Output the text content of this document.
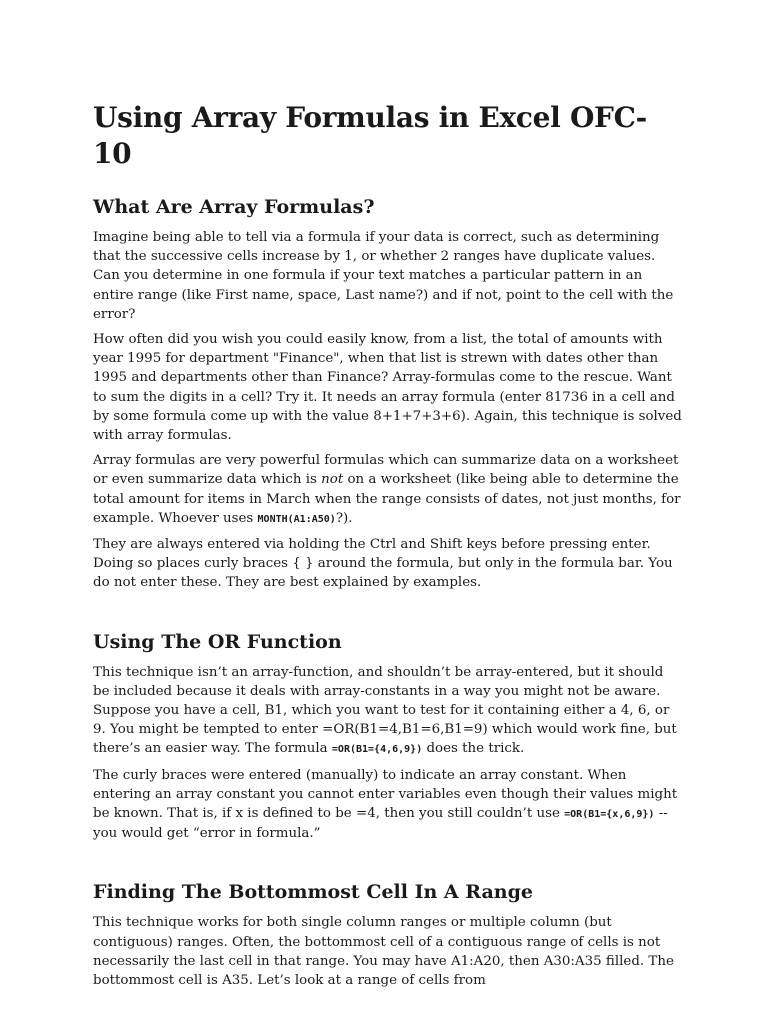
Using Array Formulas in Excel OFC-10
What Are Array Formulas?

Imagine being able to tell via a formula if your data is correct, such as determining that the successive cells increase by 1, or whether 2 ranges have duplicate values. Can you determine in one formula if your text matches a particular pattern in an entire range (like First name, space, Last name?) and if not, point to the cell with the error?

How often did you wish you could easily know, from a list, the total of amounts with year 1995 for department "Finance", when that list is strewn with dates other than 1995 and departments other than Finance? Array-formulas come to the rescue. Want to sum the digits in a cell? Try it. It needs an array formula (enter 81736 in a cell and by some formula come up with the value 8+1+7+3+6). Again, this technique is solved with array formulas.

Array formulas are very powerful formulas which can summarize data on a worksheet or even summarize data which is not on a worksheet (like being able to determine the total amount for items in March when the range consists of dates, not just months, for example. Whoever uses MONTH(A1:A50)?).

They are always entered via holding the Ctrl and Shift keys before pressing enter. Doing so places curly braces { } around the formula, but only in the formula bar. You do not enter these. They are best explained by examples.

Using The OR Function

This technique isn’t an array-function, and shouldn’t be array-entered, but it should be included because it deals with array-constants in a way you might not be aware. Suppose you have a cell, B1, which you want to test for it containing either a 4, 6, or 9. You might be tempted to enter =OR(B1=4,B1=6,B1=9) which would work fine, but there’s an easier way. The formula =OR(B1={4,6,9}) does the trick.

The curly braces were entered (manually) to indicate an array constant. When entering an array constant you cannot enter variables even though their values might be known. That is, if x is defined to be =4, then you still couldn’t use =OR(B1={x,6,9}) -- you would get “error in formula.”

Finding The Bottommost Cell In A Range

This technique works for both single column ranges or multiple column (but contiguous) ranges. Often, the bottommost cell of a contiguous range of cells is not necessarily the last cell in that range. You may have A1:A20, then A30:A35 filled. The bottommost cell is A35. Let’s look at a range of cells from
